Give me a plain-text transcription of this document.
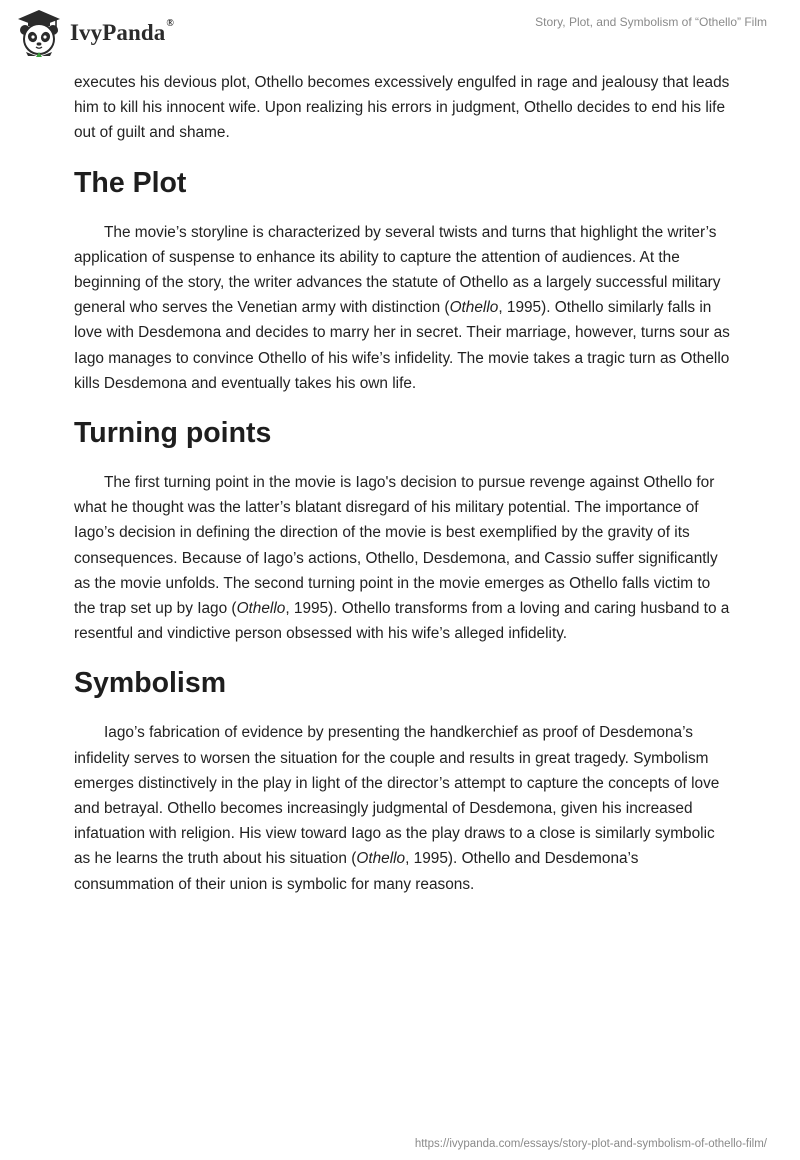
IvyPanda®	Story, Plot, and Symbolism of “Othello” Film

executes his devious plot, Othello becomes excessively engulfed in rage and jealousy that leads him to kill his innocent wife. Upon realizing his errors in judgment, Othello decides to end his life out of guilt and shame.

The Plot

The movie’s storyline is characterized by several twists and turns that highlight the writer’s application of suspense to enhance its ability to capture the attention of audiences. At the beginning of the story, the writer advances the statute of Othello as a largely successful military general who serves the Venetian army with distinction (Othello, 1995). Othello similarly falls in love with Desdemona and decides to marry her in secret. Their marriage, however, turns sour as Iago manages to convince Othello of his wife’s infidelity. The movie takes a tragic turn as Othello kills Desdemona and eventually takes his own life.

Turning points

The first turning point in the movie is Iago's decision to pursue revenge against Othello for what he thought was the latter’s blatant disregard of his military potential. The importance of Iago’s decision in defining the direction of the movie is best exemplified by the gravity of its consequences. Because of Iago’s actions, Othello, Desdemona, and Cassio suffer significantly as the movie unfolds. The second turning point in the movie emerges as Othello falls victim to the trap set up by Iago (Othello, 1995). Othello transforms from a loving and caring husband to a resentful and vindictive person obsessed with his wife’s alleged infidelity.

Symbolism

Iago’s fabrication of evidence by presenting the handkerchief as proof of Desdemona’s infidelity serves to worsen the situation for the couple and results in great tragedy. Symbolism emerges distinctively in the play in light of the director’s attempt to capture the concepts of love and betrayal. Othello becomes increasingly judgmental of Desdemona, given his increased infatuation with religion. His view toward Iago as the play draws to a close is similarly symbolic as he learns the truth about his situation (Othello, 1995). Othello and Desdemona’s consummation of their union is symbolic for many reasons.

https://ivypanda.com/essays/story-plot-and-symbolism-of-othello-film/
